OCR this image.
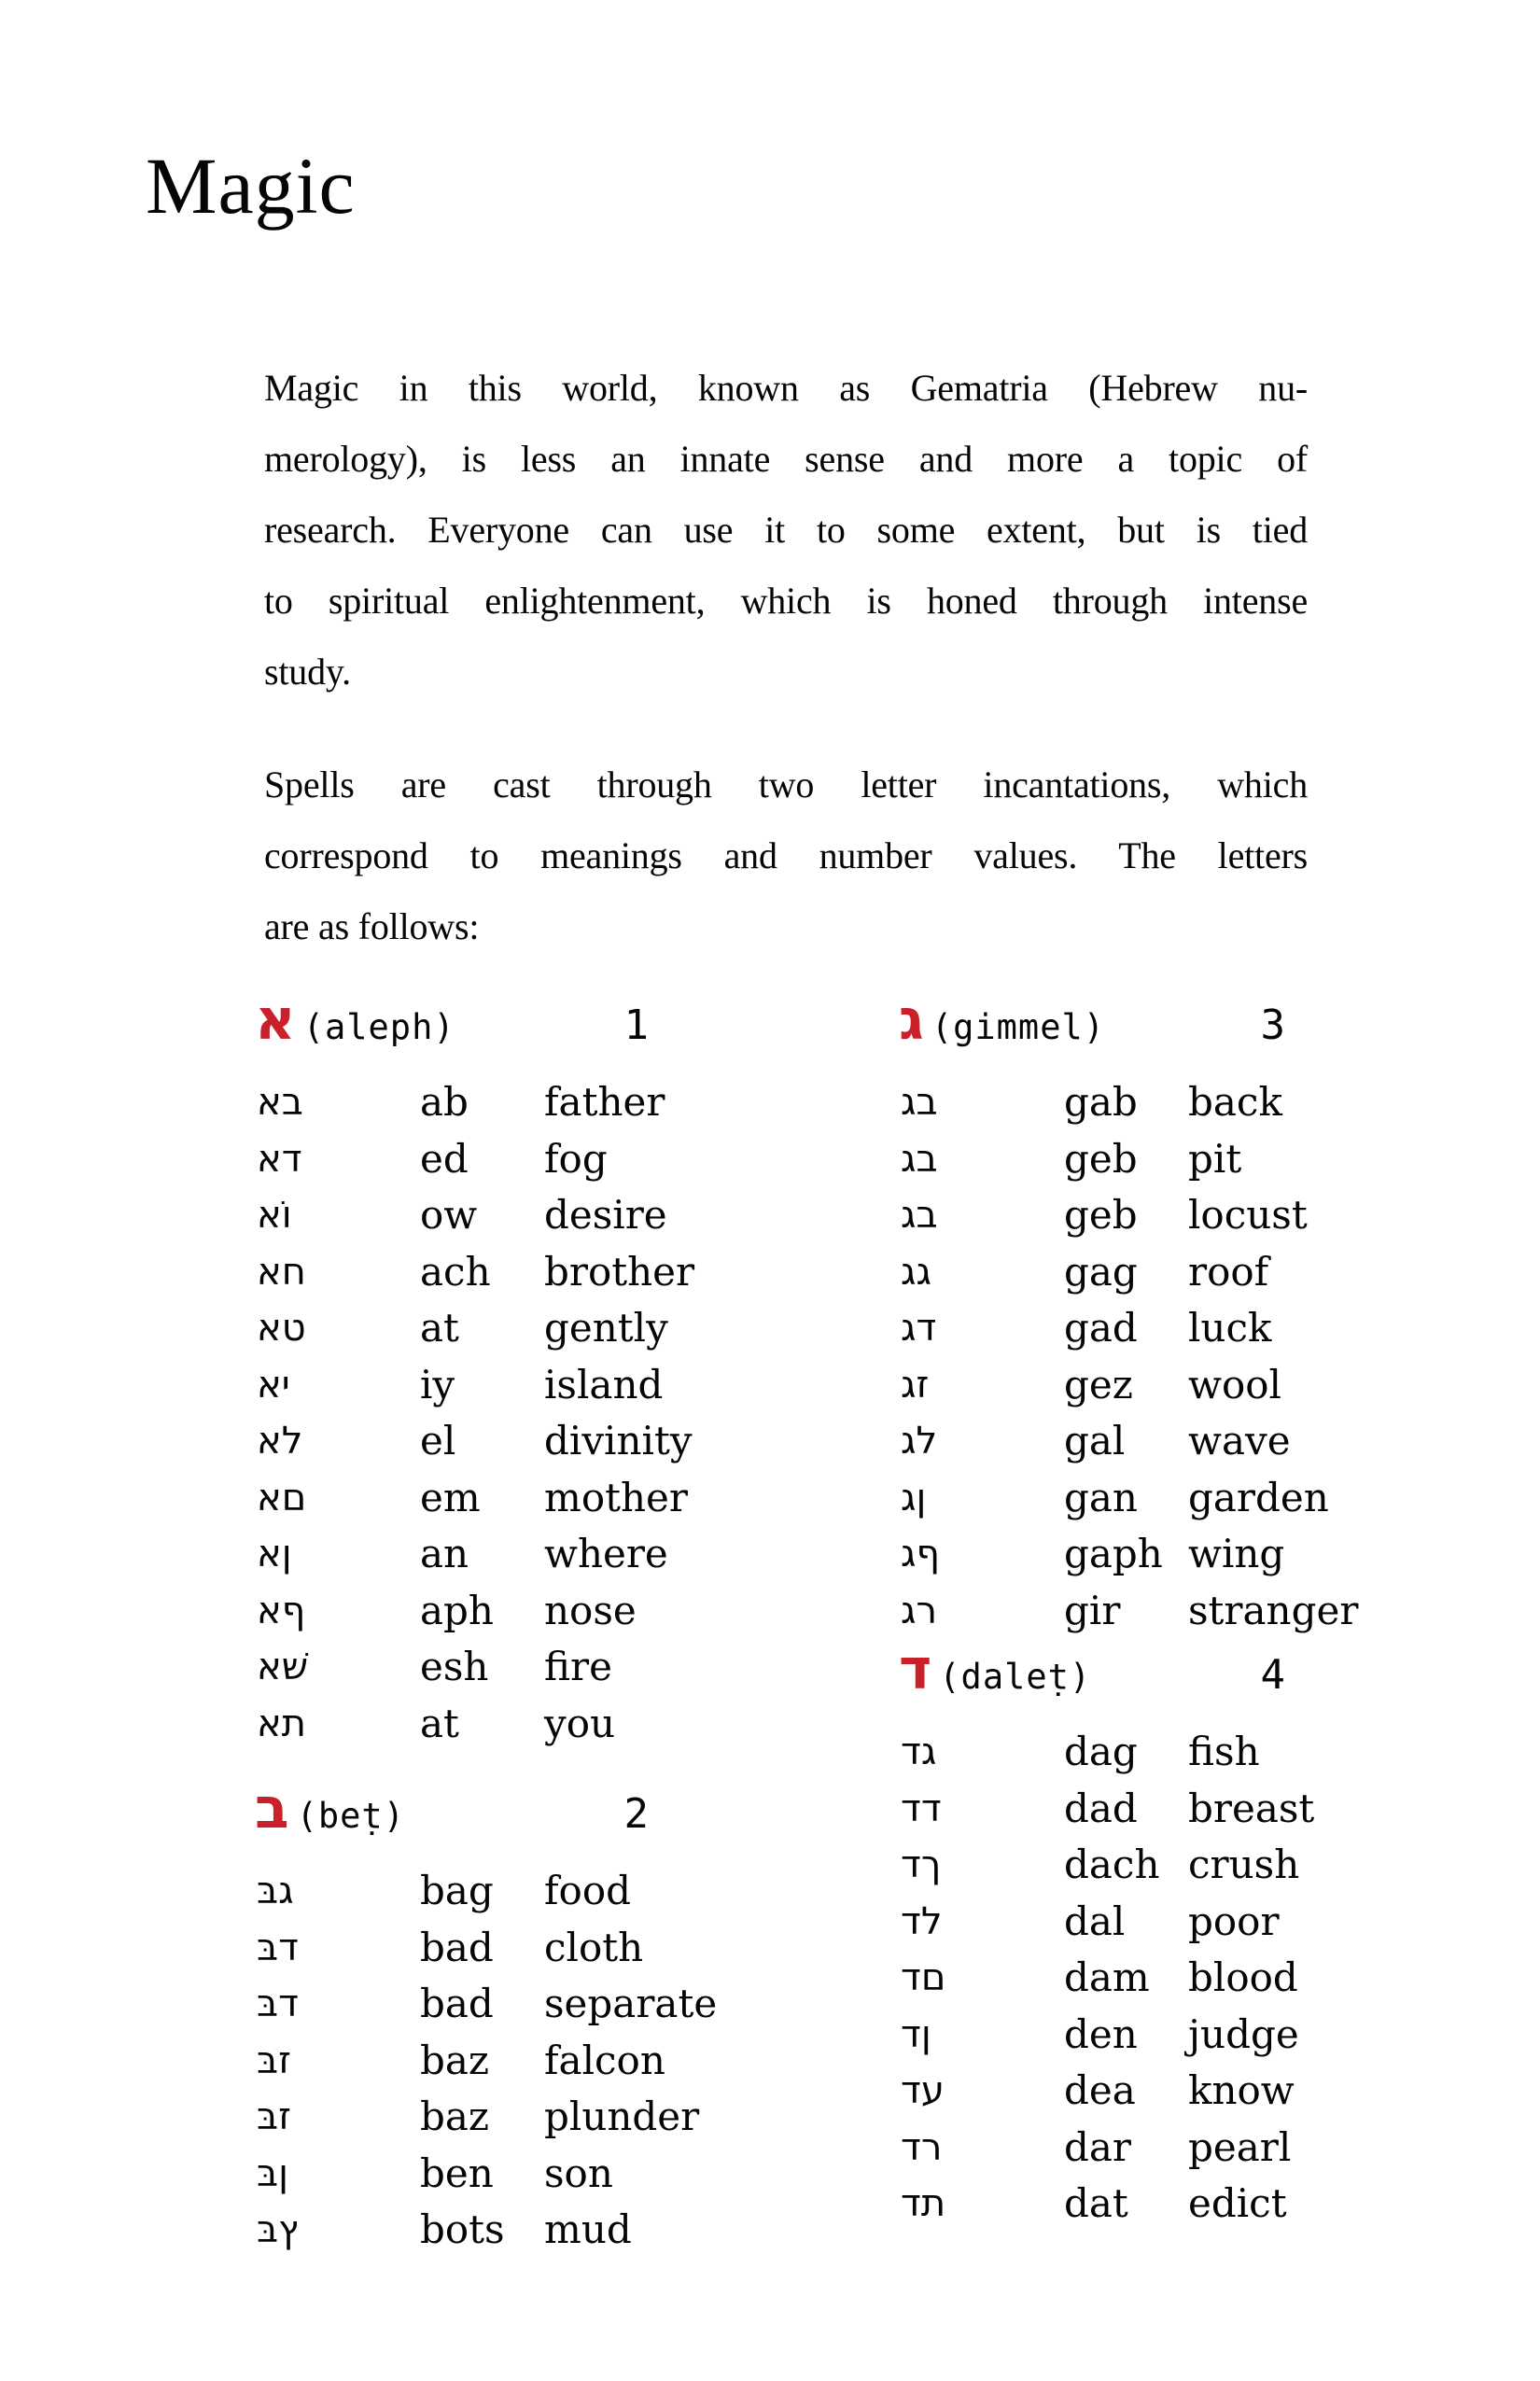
Magic
Magic in this world, known as Gematria (Hebrew nu-
merology), is less an innate sense and more a topic of
research. Everyone can use it to some extent, but is tied
to spiritual enlightenment, which is honed through intense
study.
Spells are cast through two letter incantations, which
correspond to meanings and number values. The letters
are as follows:
א (aleph)	1
אב	ab	father
אד	ed	fog
אוֹ	ow	desire
אח	ach	brother
אט	at	gently
אי	iy	island
אל	el	divinity
אם	em	mother
אן	an	where
אף	aph	nose
אשׁ	esh	fire
את	at	you
ב (beṭ)	2
בּג	bag	food
בּד	bad	cloth
בּד	bad	separate
בּז	baz	falcon
בּז	baz	plunder
בּן	ben	son
בּץ	bots	mud
ג (gimmel)	3
גב	gab	back
גב	geb	pit
גב	geb	locust
גג	gag	roof
גד	gad	luck
גז	gez	wool
גל	gal	wave
גן	gan	garden
גף	gaph wing
גר	gir	stranger
ד (daleṭ)	4
דג	dag	fish
דד	dad	breast
דך	dach crush
דל	dal	poor
דם	dam blood
דן	den	judge
דע	dea	know
דר	dar	pearl
דת	dat	edict
